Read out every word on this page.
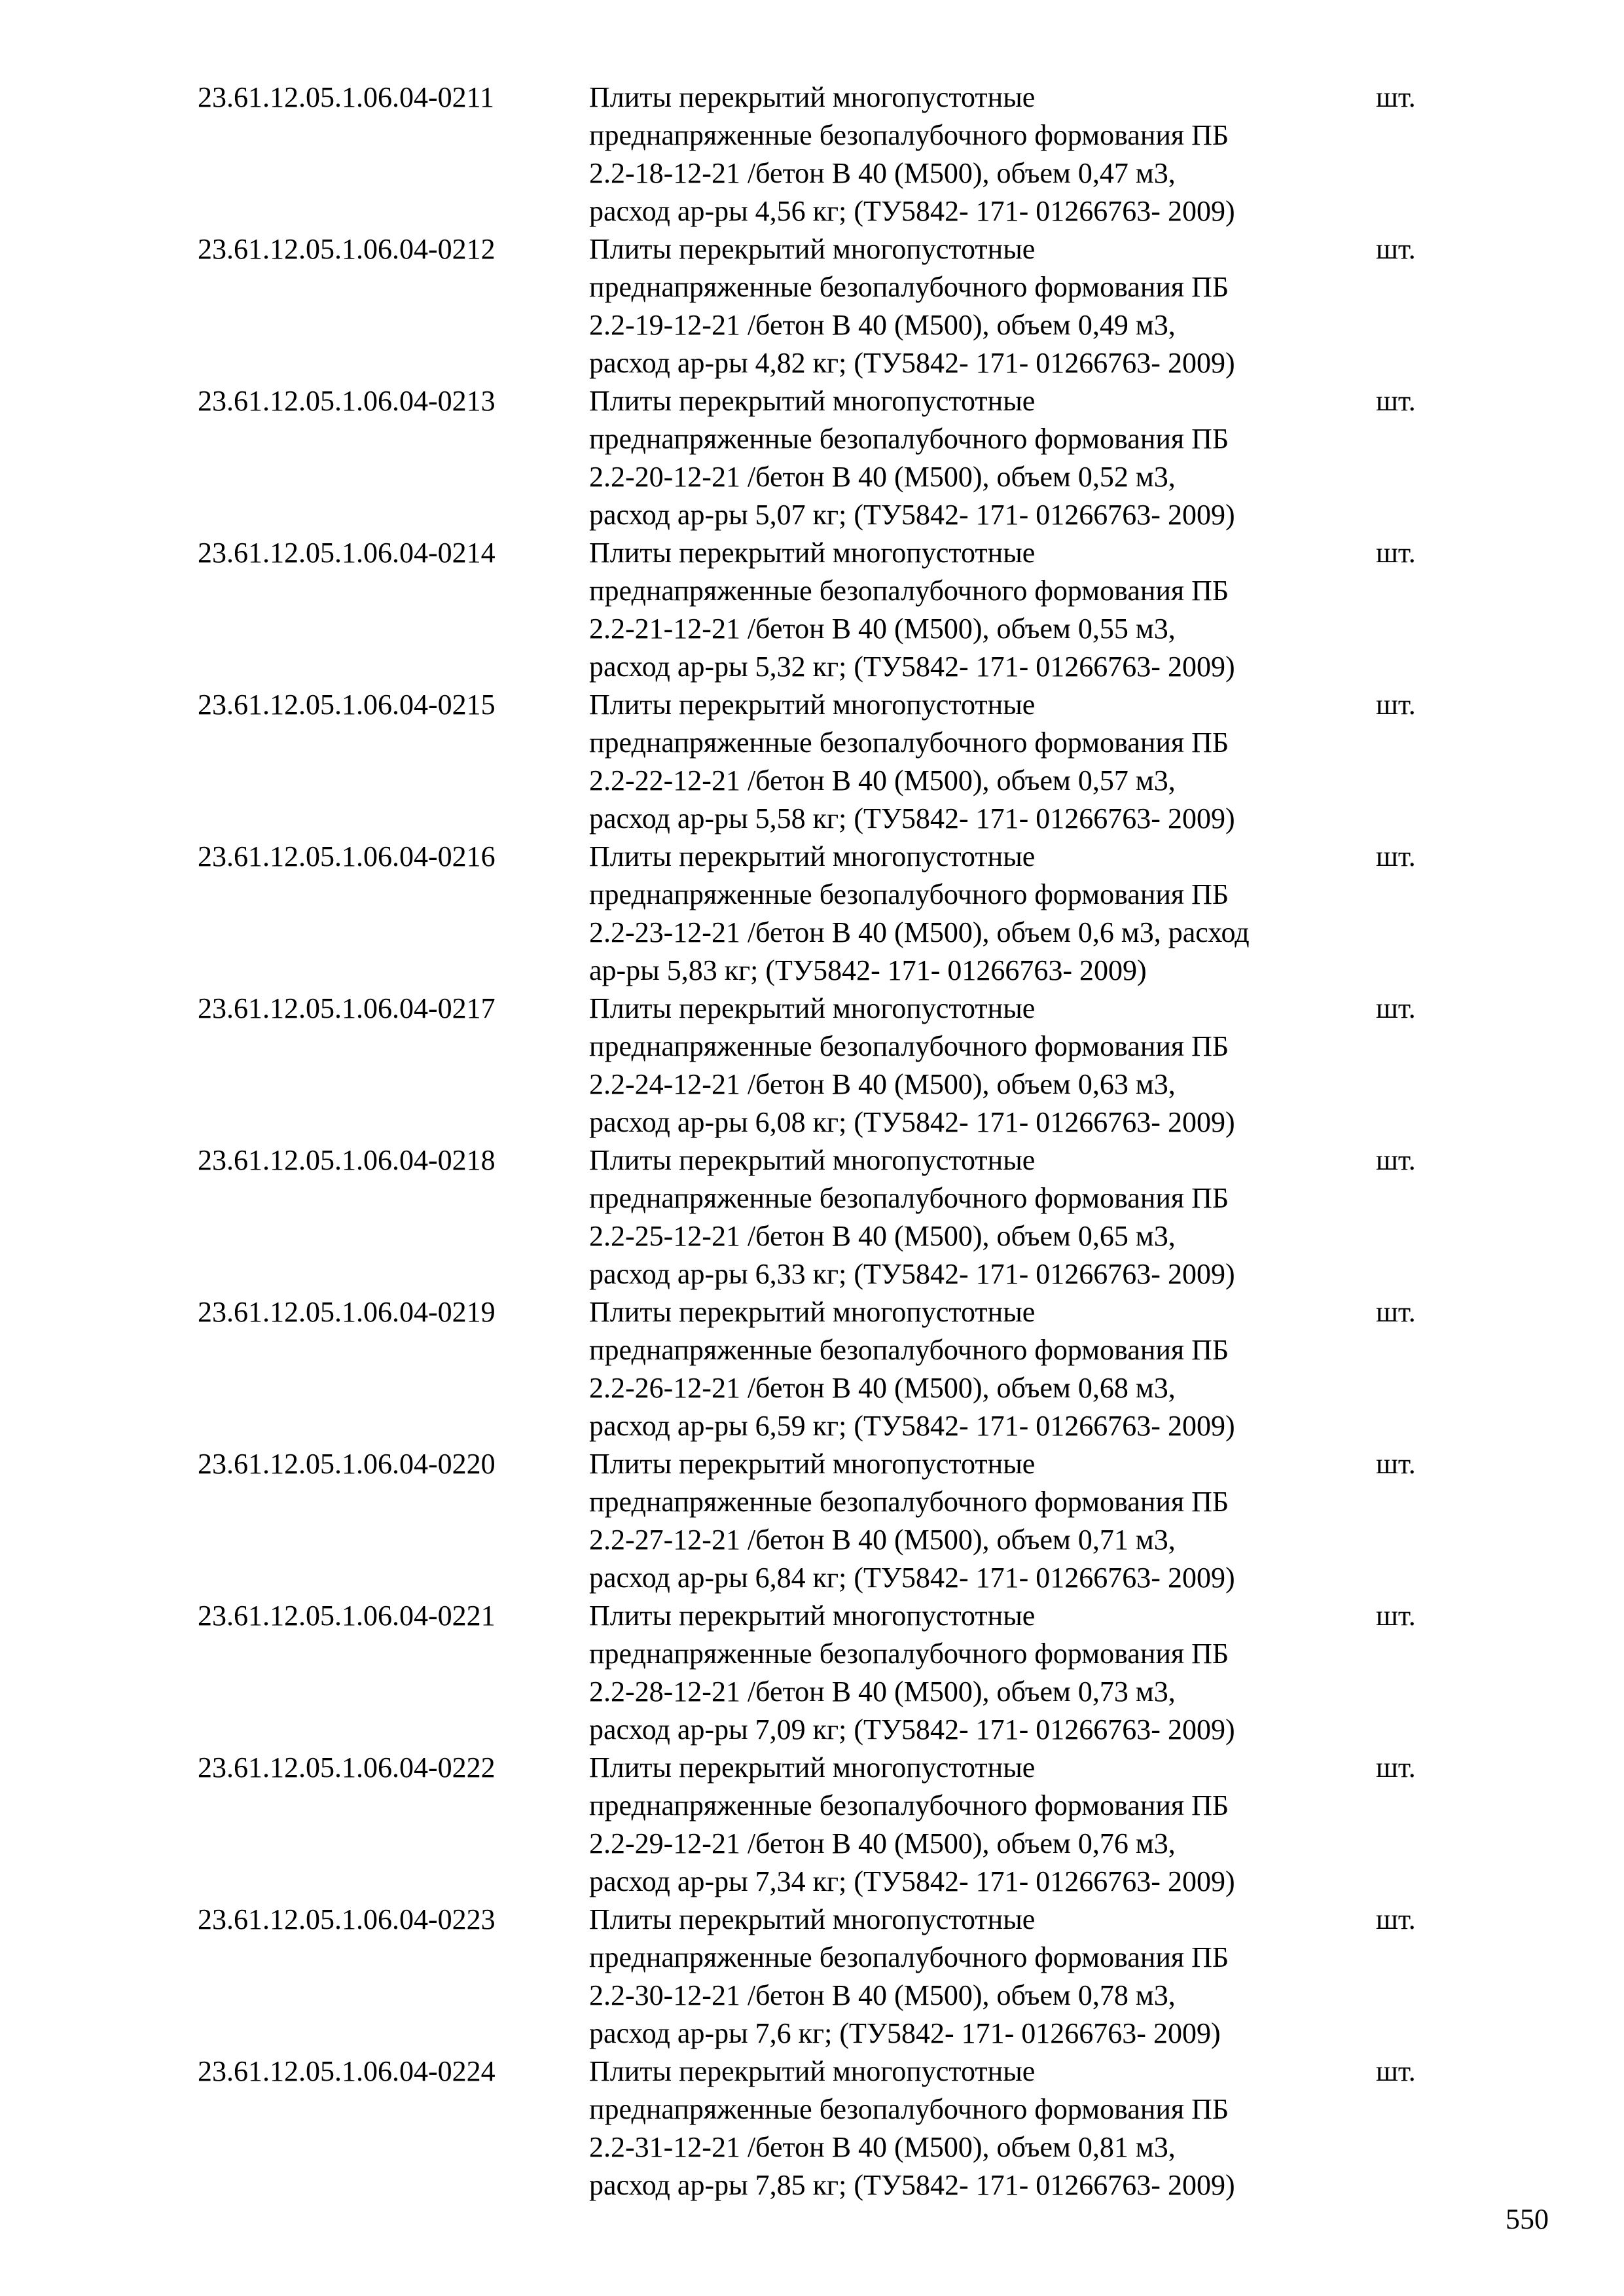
23.61.12.05.1.06.04-0211	Плиты перекрытий многопустотные
преднапряженные безопалубочного формования ПБ
2.2-18-12-21 /бетон В 40 (М500), объем 0,47 м3,
расход ар-ры 4,56 кг; (ТУ5842- 171- 01266763- 2009)
шт.
23.61.12.05.1.06.04-0212	Плиты перекрытий многопустотные
преднапряженные безопалубочного формования ПБ
2.2-19-12-21 /бетон В 40 (М500), объем 0,49 м3,
расход ар-ры 4,82 кг; (ТУ5842- 171- 01266763- 2009)
шт.
23.61.12.05.1.06.04-0213	Плиты перекрытий многопустотные
преднапряженные безопалубочного формования ПБ
2.2-20-12-21 /бетон В 40 (М500), объем 0,52 м3,
расход ар-ры 5,07 кг; (ТУ5842- 171- 01266763- 2009)
шт.
23.61.12.05.1.06.04-0214	Плиты перекрытий многопустотные
преднапряженные безопалубочного формования ПБ
2.2-21-12-21 /бетон В 40 (М500), объем 0,55 м3,
расход ар-ры 5,32 кг; (ТУ5842- 171- 01266763- 2009)
шт.
23.61.12.05.1.06.04-0215	Плиты перекрытий многопустотные
преднапряженные безопалубочного формования ПБ
2.2-22-12-21 /бетон В 40 (М500), объем 0,57 м3,
расход ар-ры 5,58 кг; (ТУ5842- 171- 01266763- 2009)
шт.
23.61.12.05.1.06.04-0216	Плиты перекрытий многопустотные
преднапряженные безопалубочного формования ПБ
2.2-23-12-21 /бетон В 40 (М500), объем 0,6 м3, расход
ар-ры 5,83 кг; (ТУ5842- 171- 01266763- 2009)
шт.
23.61.12.05.1.06.04-0217	Плиты перекрытий многопустотные
преднапряженные безопалубочного формования ПБ
2.2-24-12-21 /бетон В 40 (М500), объем 0,63 м3,
расход ар-ры 6,08 кг; (ТУ5842- 171- 01266763- 2009)
шт.
23.61.12.05.1.06.04-0218	Плиты перекрытий многопустотные
преднапряженные безопалубочного формования ПБ
2.2-25-12-21 /бетон В 40 (М500), объем 0,65 м3,
расход ар-ры 6,33 кг; (ТУ5842- 171- 01266763- 2009)
шт.
23.61.12.05.1.06.04-0219	Плиты перекрытий многопустотные
преднапряженные безопалубочного формования ПБ
2.2-26-12-21 /бетон В 40 (М500), объем 0,68 м3,
расход ар-ры 6,59 кг; (ТУ5842- 171- 01266763- 2009)
шт.
23.61.12.05.1.06.04-0220	Плиты перекрытий многопустотные
преднапряженные безопалубочного формования ПБ
2.2-27-12-21 /бетон В 40 (М500), объем 0,71 м3,
расход ар-ры 6,84 кг; (ТУ5842- 171- 01266763- 2009)
шт.
23.61.12.05.1.06.04-0221	Плиты перекрытий многопустотные
преднапряженные безопалубочного формования ПБ
2.2-28-12-21 /бетон В 40 (М500), объем 0,73 м3,
расход ар-ры 7,09 кг; (ТУ5842- 171- 01266763- 2009)
шт.
23.61.12.05.1.06.04-0222	Плиты перекрытий многопустотные
преднапряженные безопалубочного формования ПБ
2.2-29-12-21 /бетон В 40 (М500), объем 0,76 м3,
расход ар-ры 7,34 кг; (ТУ5842- 171- 01266763- 2009)
шт.
23.61.12.05.1.06.04-0223	Плиты перекрытий многопустотные
преднапряженные безопалубочного формования ПБ
2.2-30-12-21 /бетон В 40 (М500), объем 0,78 м3,
расход ар-ры 7,6 кг; (ТУ5842- 171- 01266763- 2009)
шт.
23.61.12.05.1.06.04-0224	Плиты перекрытий многопустотные
преднапряженные безопалубочного формования ПБ
2.2-31-12-21 /бетон В 40 (М500), объем 0,81 м3,
расход ар-ры 7,85 кг; (ТУ5842- 171- 01266763- 2009)
шт.
550
